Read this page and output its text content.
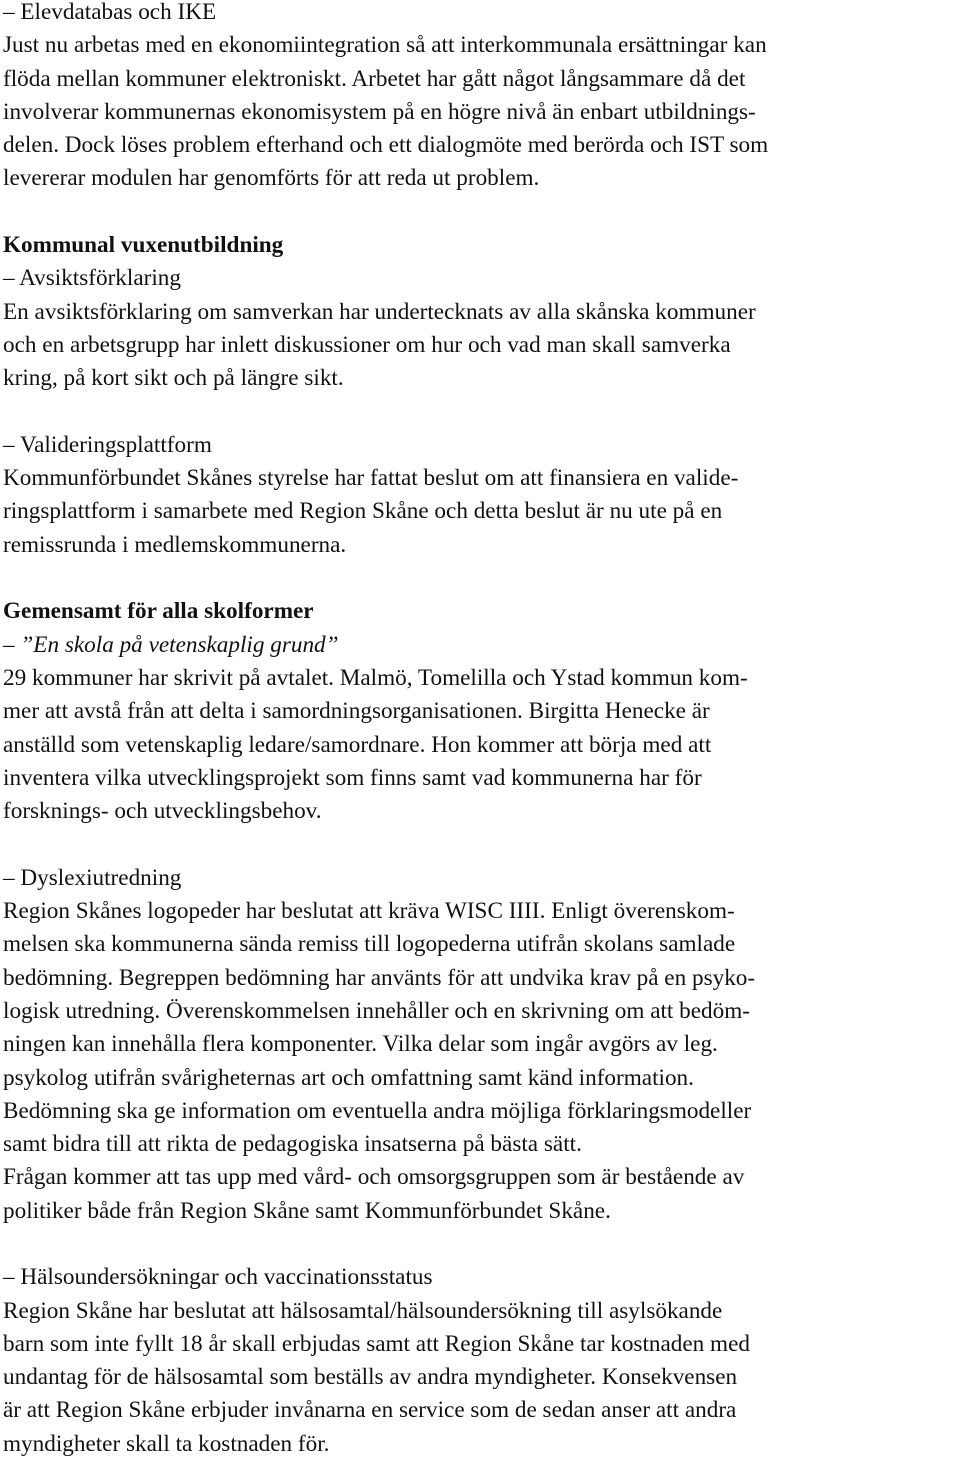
– Elevdatabas och IKE
Just nu arbetas med en ekonomiintegration så att interkommunala ersättningar kan
flöda mellan kommuner elektroniskt. Arbetet har gått något långsammare då det
involverar kommunernas ekonomisystem på en högre nivå än enbart utbildnings-
delen. Dock löses problem efterhand och ett dialogmöte med berörda och IST som
levererar modulen har genomförts för att reda ut problem.
Kommunal vuxenutbildning
– Avsiktsförklaring
En avsiktsförklaring om samverkan har undertecknats av alla skånska kommuner
och en arbetsgrupp har inlett diskussioner om hur och vad man skall samverka
kring, på kort sikt och på längre sikt.
– Valideringsplattform
Kommunförbundet Skånes styrelse har fattat beslut om att finansiera en valide-
ringsplattform i samarbete med Region Skåne och detta beslut är nu ute på en
remissrunda i medlemskommunerna.
Gemensamt för alla skolformer
– ”En skola på vetenskaplig grund”
29 kommuner har skrivit på avtalet. Malmö, Tomelilla och Ystad kommun kom-
mer att avstå från att delta i samordningsorganisationen. Birgitta Henecke är
anställd som vetenskaplig ledare/samordnare. Hon kommer att börja med att
inventera vilka utvecklingsprojekt som finns samt vad kommunerna har för
forsknings- och utvecklingsbehov.
– Dyslexiutredning
Region Skånes logopeder har beslutat att kräva WISC IIII. Enligt överenskom-
melsen ska kommunerna sända remiss till logopederna utifrån skolans samlade
bedömning. Begreppen bedömning har använts för att undvika krav på en psyko-
logisk utredning. Överenskommelsen innehåller och en skrivning om att bedöm-
ningen kan innehålla flera komponenter. Vilka delar som ingår avgörs av leg.
psykolog utifrån svårigheternas art och omfattning samt känd information.
Bedömning ska ge information om eventuella andra möjliga förklaringsmodeller
samt bidra till att rikta de pedagogiska insatserna på bästa sätt.
Frågan kommer att tas upp med vård- och omsorgsgruppen som är bestående av
politiker både från Region Skåne samt Kommunförbundet Skåne.
– Hälsoundersökningar och vaccinationsstatus
Region Skåne har beslutat att hälsosamtal/hälsoundersökning till asylsökande
barn som inte fyllt 18 år skall erbjudas samt att Region Skåne tar kostnaden med
undantag för de hälsosamtal som beställs av andra myndigheter. Konsekvensen
är att Region Skåne erbjuder invånarna en service som de sedan anser att andra
myndigheter skall ta kostnaden för.
